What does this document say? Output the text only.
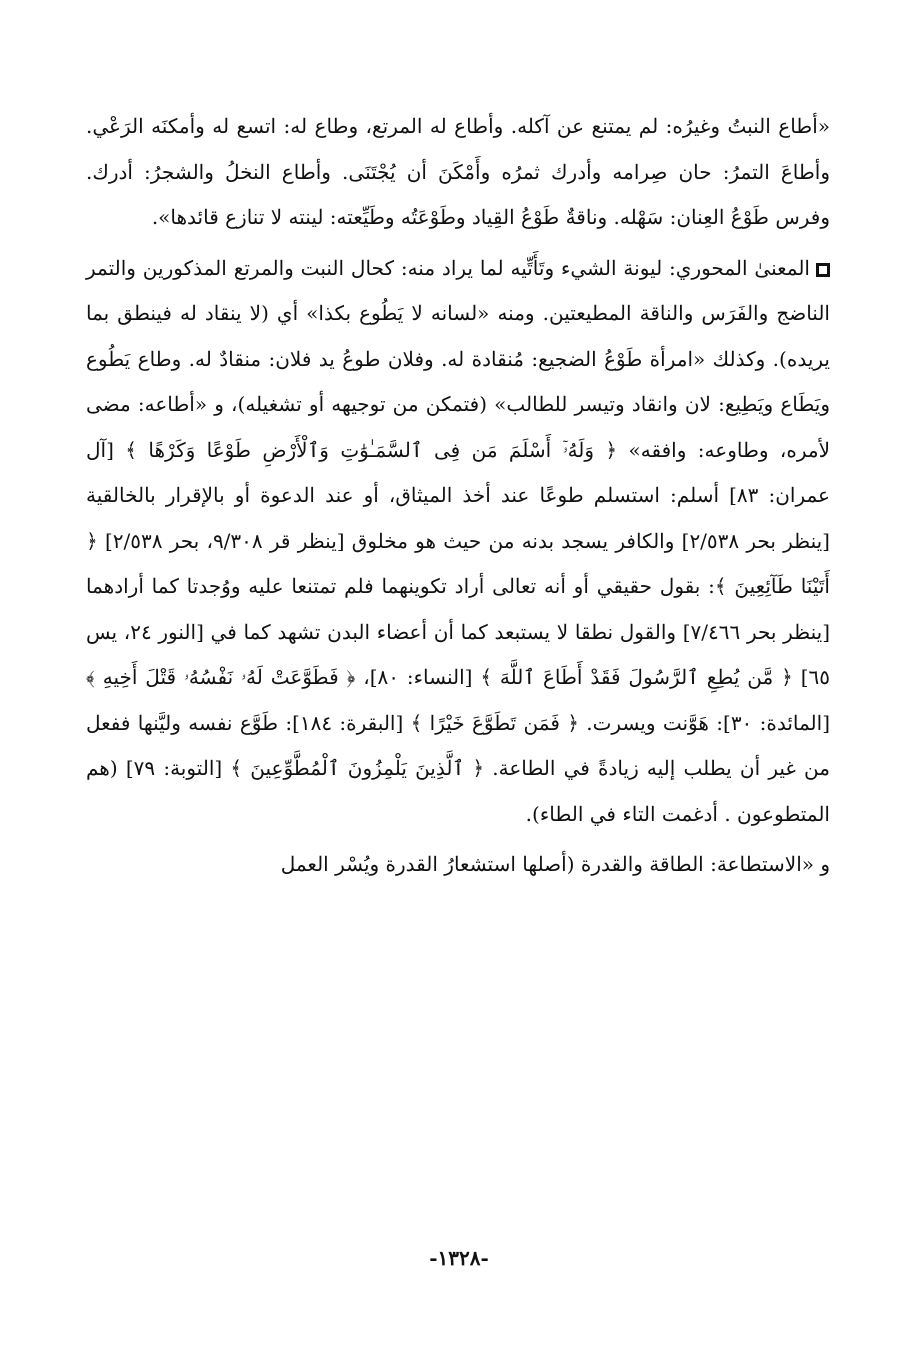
«أطاع النبتُ وغيرُه: لم يمتنع عن آكله. وأطاع له المرتع، وطاع له: اتسع له وأمكنَه الرَعْي. وأطاعَ التمرُ: حان صِرامه وأدرك ثمرُه وأَمْكَنَ أن يُجْتَنَى. وأطاع النخلُ والشجرُ: أدرك. وفرس طَوْعُ العِنان: سَهْله. وناقةٌ طَوْعُ القِياد وطَوْعَتُه وطَيِّعته: لينته لا تنازع قائدها».

المعنىٰ المحوري: ليونة الشيء وتَأَتِّيه لما يراد منه: كحال النبت والمرتع المذكورين والتمر الناضج والفَرَس والناقة المطيعتين. ومنه «لسانه لا يَطُوع بكذا» أي (لا ينقاد له فينطق بما يريده). وكذلك «امرأة طَوْعُ الضجيع: مُنقادة له. وفلان طوعُ يد فلان: منقادٌ له. وطاع يَطُوع ويَطَاع ويَطِيع: لان وانقاد وتيسر للطالب» (فتمكن من توجيهه أو تشغيله)، و «أطاعه: مضى لأمره، وطاوعه: وافقه» ﴿ وَلَهُۥٓ أَسْلَمَ مَن فِى ٱلسَّمَـٰوَٰتِ وَٱلْأَرْضِ طَوْعًا وَكَرْهًا ﴾ [آل عمران: ٨٣] أسلم: استسلم طوعًا عند أخذ الميثاق، أو عند الدعوة أو بالإقرار بالخالقية [ينظر بحر ٢/٥٣٨] والكافر يسجد بدنه من حيث هو مخلوق [ينظر قر ٩/٣٠٨، بحر ٢/٥٣٨] ﴿ أَتَيْنَا طَآئِعِينَ ﴾: بقول حقيقي أو أنه تعالى أراد تكوينهما فلم تمتنعا عليه ووُجدتا كما أرادهما [ينظر بحر ٧/٤٦٦] والقول نطقا لا يستبعد كما أن أعضاء البدن تشهد كما في [النور ٢٤، يس ٦٥] ﴿ مَّن يُطِعِ ٱلرَّسُولَ فَقَدْ أَطَاعَ ٱللَّهَ ﴾ [النساء: ٨٠]، ﴿ فَطَوَّعَتْ لَهُۥ نَفْسُهُۥ قَتْلَ أَخِيهِ ﴾ [المائدة: ٣٠]: هَوَّنت ويسرت. ﴿ فَمَن تَطَوَّعَ خَيْرًا ﴾ [البقرة: ١٨٤]: طَوَّع نفسه وليَّنها ففعل من غير أن يطلب إليه زيادةً في الطاعة. ﴿ ٱلَّذِينَ يَلْمِزُونَ ٱلْمُطَّوِّعِينَ ﴾ [التوبة: ٧٩] (هم المتطوعون . أدغمت التاء في الطاء).

و «الاستطاعة: الطاقة والقدرة (أصلها استشعارُ القدرة ويُسْر العمل

-١٣٢٨-
